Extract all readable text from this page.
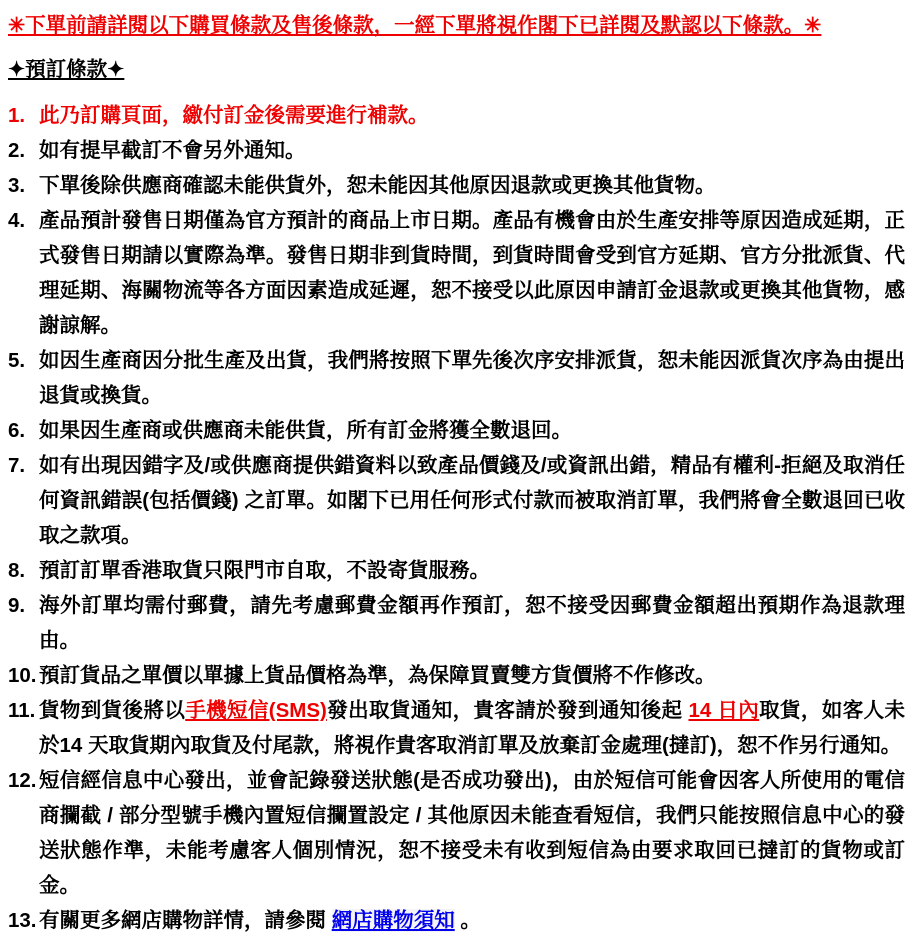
✳下單前請詳閱以下購買條款及售後條款，一經下單將視作閣下已詳閱及默認以下條款。✳
✦預訂條款✦
1. 此乃訂購頁面，繳付訂金後需要進行補款。
2. 如有提早截訂不會另外通知。
3. 下單後除供應商確認未能供貨外，恕未能因其他原因退款或更換其他貨物。
4. 產品預計發售日期僅為官方預計的商品上市日期。產品有機會由於生產安排等原因造成延期，正式發售日期請以實際為準。發售日期非到貨時間，到貨時間會受到官方延期、官方分批派貨、代理延期、海關物流等各方面因素造成延遲，恕不接受以此原因申請訂金退款或更換其他貨物，感謝諒解。
5. 如因生產商因分批生產及出貨，我們將按照下單先後次序安排派貨，恕未能因派貨次序為由提出退貨或換貨。
6. 如果因生產商或供應商未能供貨，所有訂金將獲全數退回。
7. 如有出現因錯字及/或供應商提供錯資料以致產品價錢及/或資訊出錯，精品有權利-拒絕及取消任何資訊錯誤(包括價錢) 之訂單。如閣下已用任何形式付款而被取消訂單，我們將會全數退回已收取之款項。
8. 預訂訂單香港取貨只限門市自取，不設寄貨服務。
9. 海外訂單均需付郵費，請先考慮郵費金額再作預訂，恕不接受因郵費金額超出預期作為退款理由。
10. 預訂貨品之單價以單據上貨品價格為準，為保障買賣雙方貨價將不作修改。
11. 貨物到貨後將以手機短信(SMS)發出取貨通知，貴客請於發到通知後起 14 日內取貨，如客人未於14 天取貨期內取貨及付尾款，將視作貴客取消訂單及放棄訂金處理(撻訂)，恕不作另行通知。
12. 短信經信息中心發出，並會記錄發送狀態(是否成功發出)，由於短信可能會因客人所使用的電信商攔截 / 部分型號手機內置短信攔置設定 / 其他原因未能查看短信，我們只能按照信息中心的發送狀態作準，未能考慮客人個別情況，恕不接受未有收到短信為由要求取回已撻訂的貨物或訂金。
13. 有關更多網店購物詳情，請參閱 網店購物須知 。
